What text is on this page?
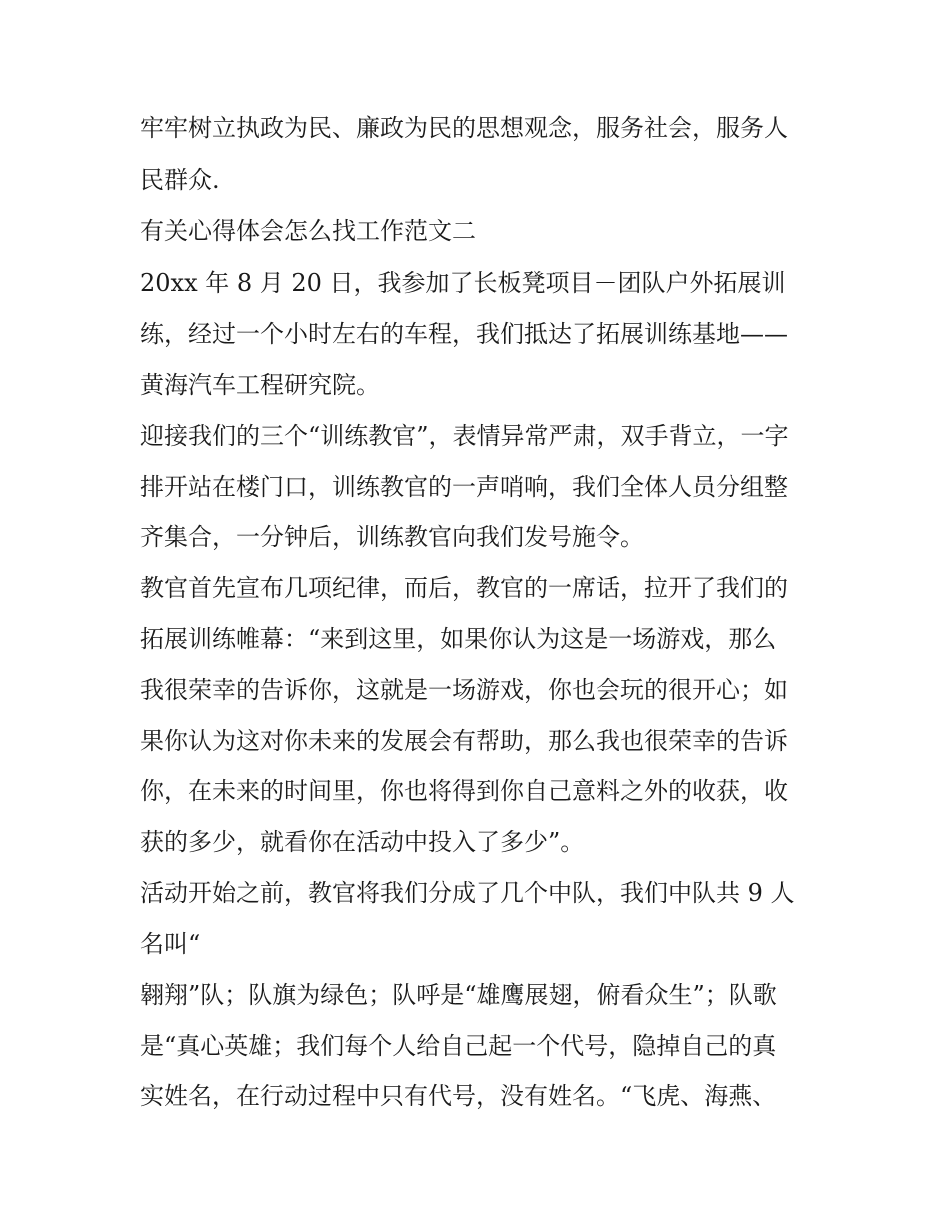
牢牢树立执政为民、廉政为民的思想观念，服务社会，服务人

民群众.

有关心得体会怎么找工作范文二

20xx 年 8 月 20 日，我参加了长板凳项目－团队户外拓展训

练，经过一个小时左右的车程，我们抵达了拓展训练基地——

黄海汽车工程研究院。

迎接我们的三个“训练教官”，表情异常严肃，双手背立，一字

排开站在楼门口，训练教官的一声哨响，我们全体人员分组整

齐集合，一分钟后，训练教官向我们发号施令。

教官首先宣布几项纪律，而后，教官的一席话，拉开了我们的

拓展训练帷幕：“来到这里，如果你认为这是一场游戏，那么

我很荣幸的告诉你，这就是一场游戏，你也会玩的很开心；如

果你认为这对你未来的发展会有帮助，那么我也很荣幸的告诉

你，在未来的时间里，你也将得到你自己意料之外的收获，收

获的多少，就看你在活动中投入了多少”。

活动开始之前，教官将我们分成了几个中队，我们中队共 9 人

名叫“

翱翔”队；队旗为绿色；队呼是“雄鹰展翅，俯看众生”；队歌

是“真心英雄；我们每个人给自己起一个代号，隐掉自己的真

实姓名，在行动过程中只有代号，没有姓名。“飞虎、海燕、
